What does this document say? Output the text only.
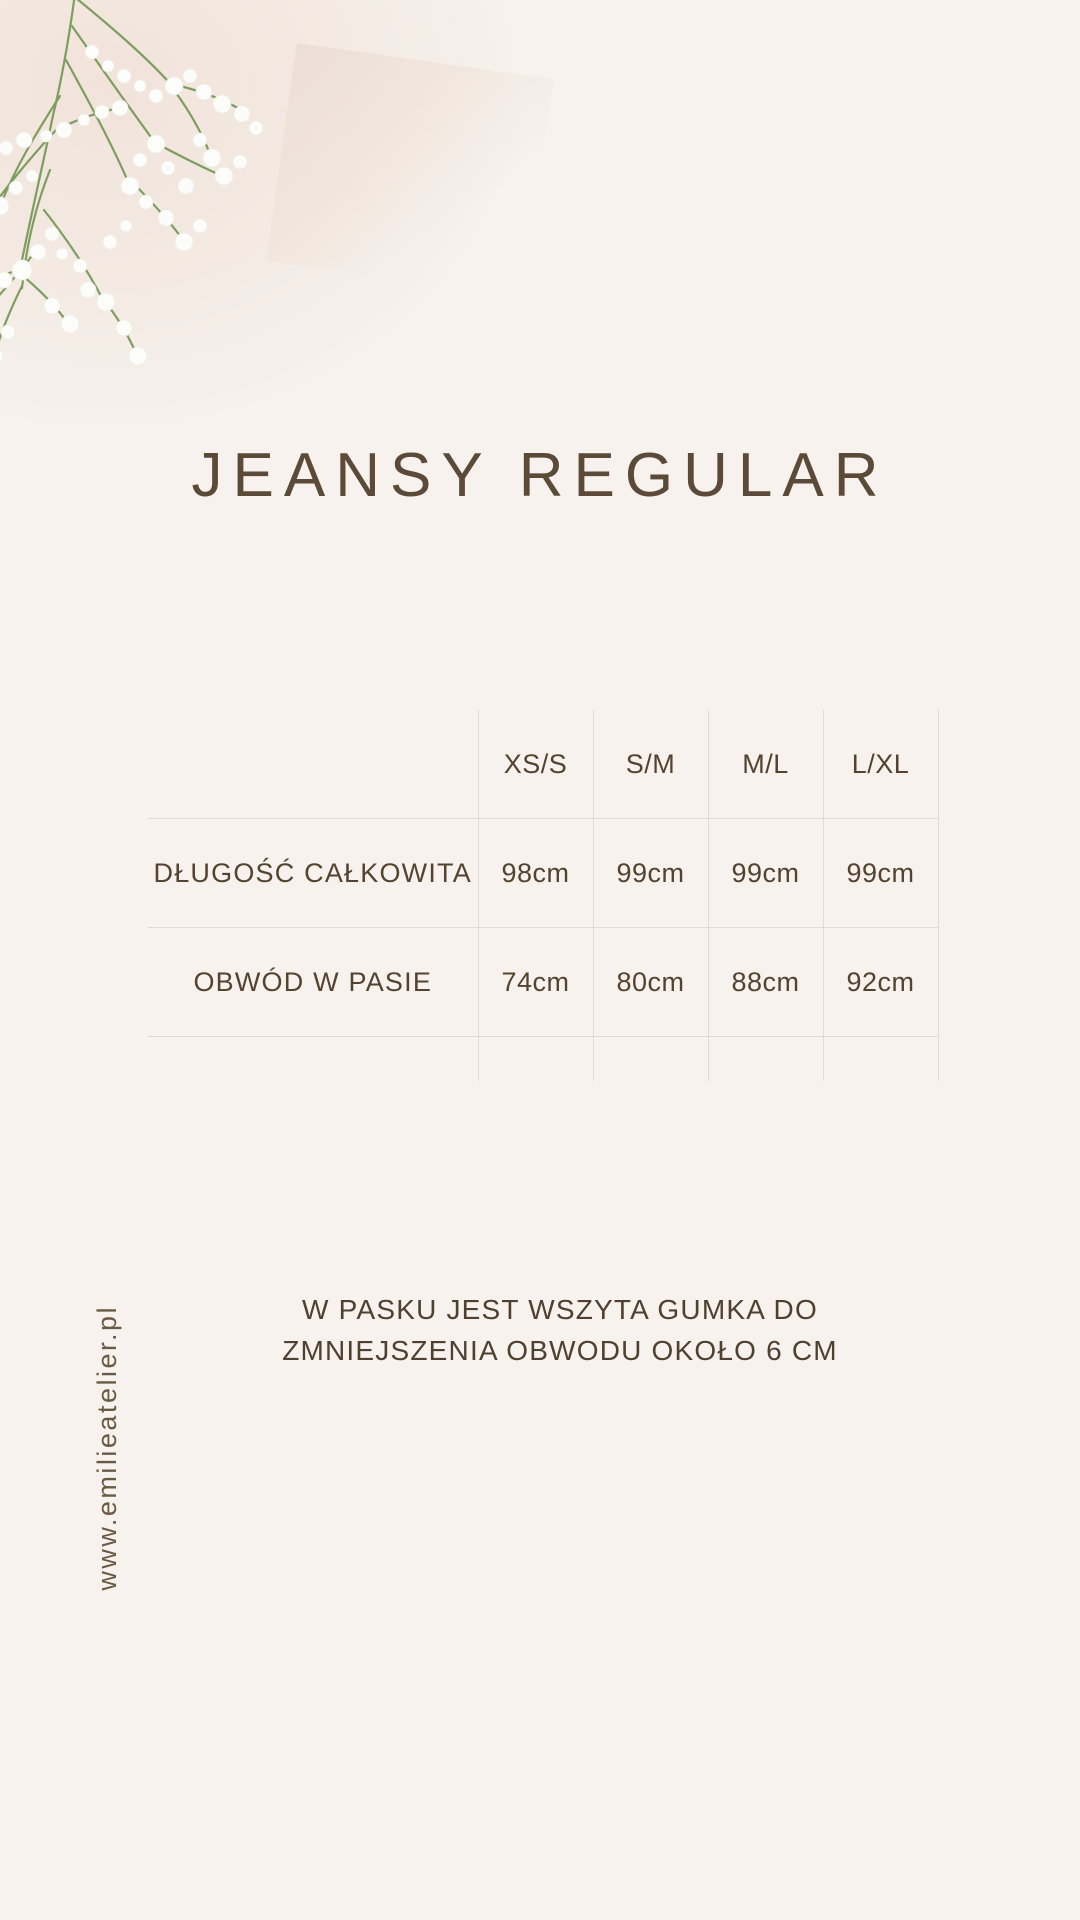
JEANSY REGULAR
	XS/S	S/M	M/L	L/XL
DŁUGOŚĆ CAŁKOWITA	98cm	99cm	99cm	99cm
OBWÓD W PASIE	74cm	80cm	88cm	92cm

W PASKU JEST WSZYTA GUMKA DO
ZMNIEJSZENIA OBWODU OKOŁO 6 CM
www.emilieatelier.pl
